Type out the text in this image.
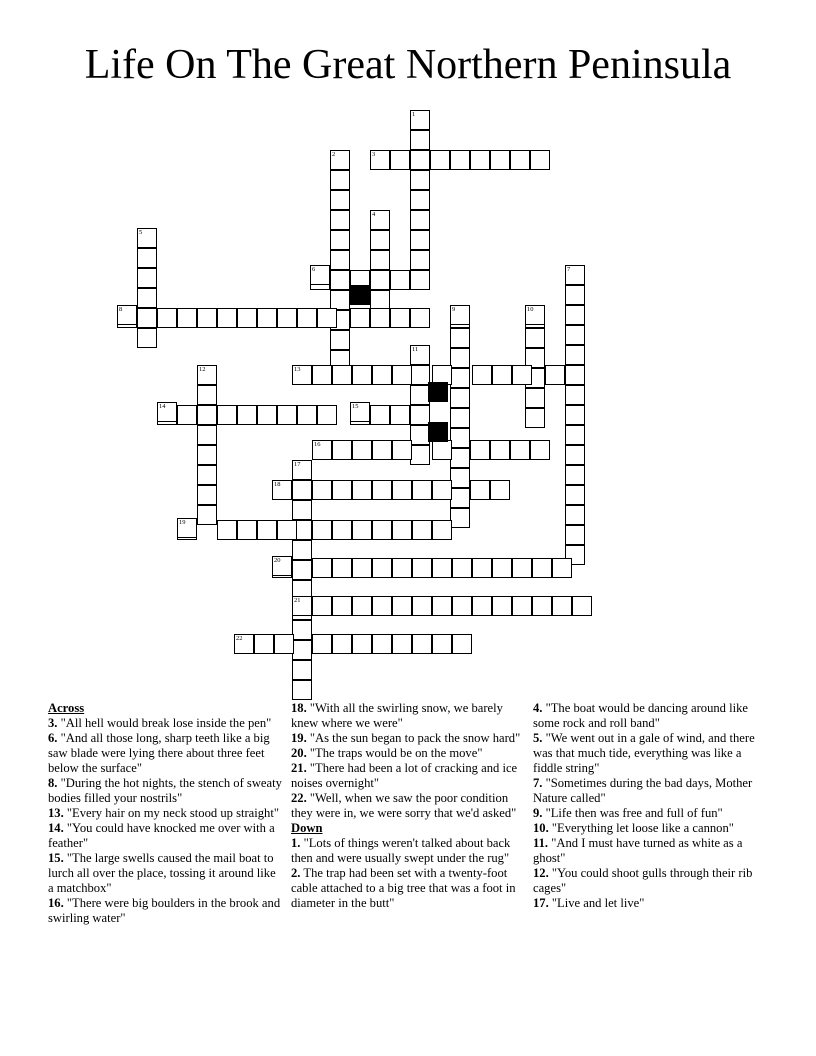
Life On The Great Northern Peninsula
1
2	3
4
5
6	7
8	9	10
11
12	13
14	15
16
17
18
19
20
21
22
Across
3. "All hell would break lose inside the pen"
6. "And all those long, sharp teeth like a big saw blade were lying there about three feet below the surface"
8. "During the hot nights, the stench of sweaty bodies filled your nostrils"
13. "Every hair on my neck stood up straight"
14. "You could have knocked me over with a feather"
15. "The large swells caused the mail boat to lurch all over the place, tossing it around like a matchbox"
16. "There were big boulders in the brook and swirling water"
18. "With all the swirling snow, we barely knew where we were"
19. "As the sun began to pack the snow hard"
20. "The traps would be on the move"
21. "There had been a lot of cracking and ice noises overnight"
22. "Well, when we saw the poor condition they were in, we were sorry that we'd asked"
Down
1. "Lots of things weren't talked about back then and were usually swept under the rug"
2. The trap had been set with a twenty-foot cable attached to a big tree that was a foot in diameter in the butt"
4. "The boat would be dancing around like some rock and roll band"
5. "We went out in a gale of wind, and there was that much tide, everything was like a fiddle string"
7. "Sometimes during the bad days, Mother Nature called"
9. "Life then was free and full of fun"
10. "Everything let loose like a cannon"
11. "And I must have turned as white as a ghost"
12. "You could shoot gulls through their rib cages"
17. "Live and let live"
